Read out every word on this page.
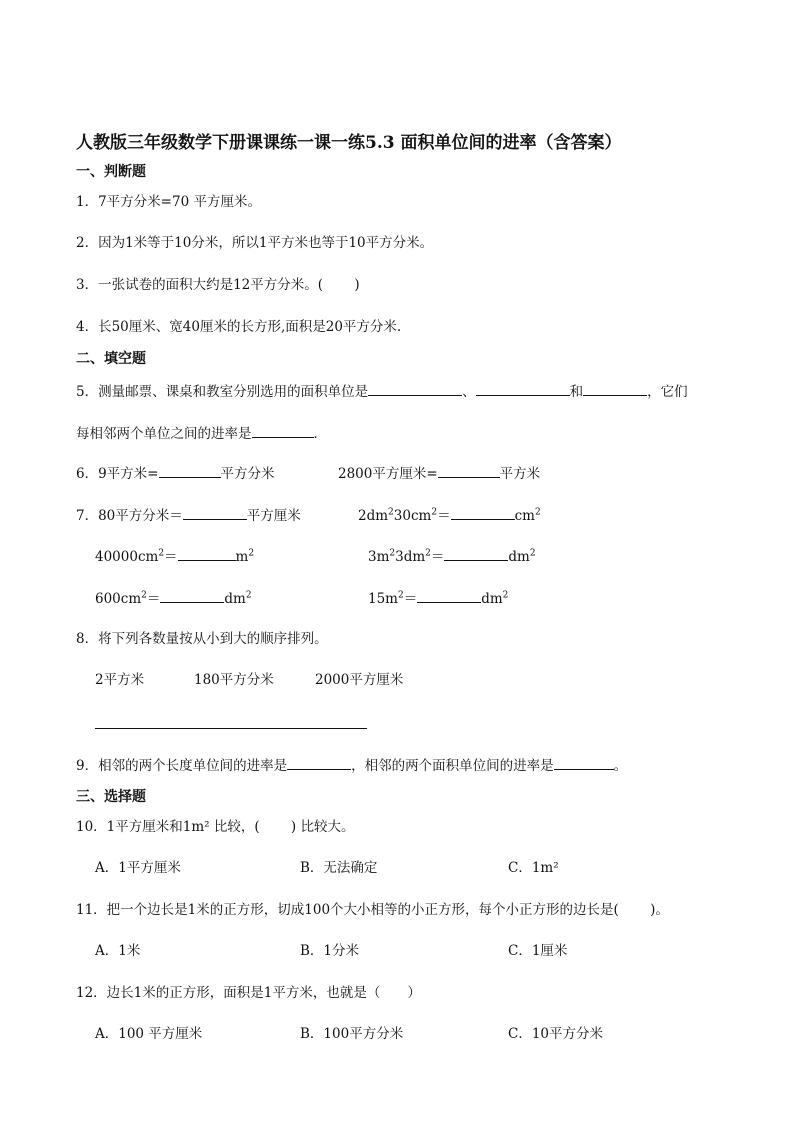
人教版三年级数学下册课课练一课一练5.3 面积单位间的进率（含答案）
一、判断题
1．7平方分米=70 平方厘米。
2．因为1米等于10分米，所以1平方米也等于10平方分米。
3．一张试卷的面积大约是12平方分米。(　　 )
4．长50厘米、宽40厘米的长方形,面积是20平方分米.
二、填空题
5．测量邮票、课桌和教室分别选用的面积单位是	、	和	，它们
每相邻两个单位之间的进率是	．
6．9平方米=	平方分米	2800平方厘米=	平方米
7．80平方分米＝	平方厘米	$2dm^230cm^2=$	$cm^2$
$40000cm^2=$	$m^2$	$3m^23dm^2=$	$dm^2$
$600cm^2=$	$dm^2$	$15m^2=$	$dm^2$
8．将下列各数量按从小到大的顺序排列。
2平方米	180平方分米	2000平方厘米
9．相邻的两个长度单位间的进率是	，相邻的两个面积单位间的进率是	。
三、选择题
10．1平方厘米和1m² 比较，(　　 ) 比较大。
A．1平方厘米	B．无法确定	C．1m²
11．把一个边长是1米的正方形，切成100个大小相等的小正方形，每个小正方形的边长是(　　 )。
A．1米	B．1分米	C．1厘米
12．边长1米的正方形，面积是1平方米，也就是（　　）
A．100 平方厘米	B．100平方分米	C．10平方分米
